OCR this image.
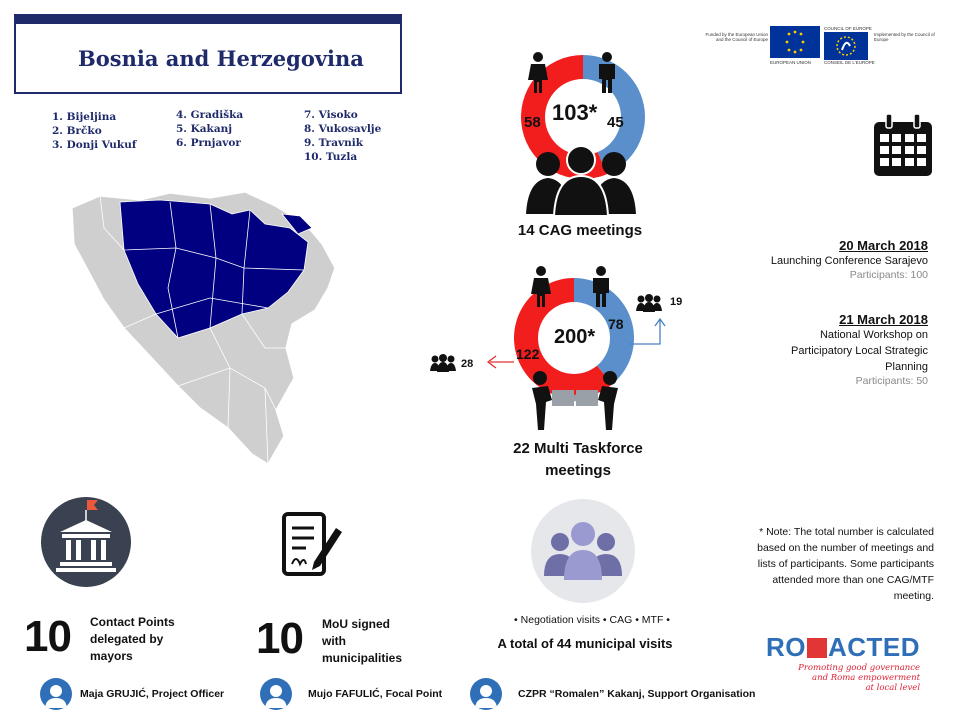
Bosnia and Herzegovina
1. Bijeljina
2. Brčko
3. Donji Vukuf
4. Gradiška
5. Kakanj
6. Prnjavor
7. Visoko
8. Vukosavlje
9. Travnik
10. Tuzla
Funded by the European Union and the Council of Europe
EUROPEAN UNION
COUNCIL OF EUROPE
CONSEIL DE L'EUROPE
Implemented by the Council of Europe
103*
58	45
14 CAG meetings
200*
122
78
22 Multi Taskforce
meetings
28
19
20 March 2018
Launching Conference Sarajevo
Participants: 100
21 March 2018
National Workshop on
Participatory Local Strategic
Planning
Participants: 50
• Negotiation visits • CAG • MTF •
A total of 44 municipal visits
* Note: The total number is calculated based on the number of meetings and lists of participants. Some participants attended more than one CAG/MTF meeting.
10 Contact Points
delegated by
mayors	10 MoU signed
with
municipalities
Maja GRUJIĆ, Project Officer	Mujo FAFULIĆ, Focal Point	CZPR “Romalen” Kakanj, Support Organisation
RO ACTED
Promoting good governance
and Roma empowerment
at local level
